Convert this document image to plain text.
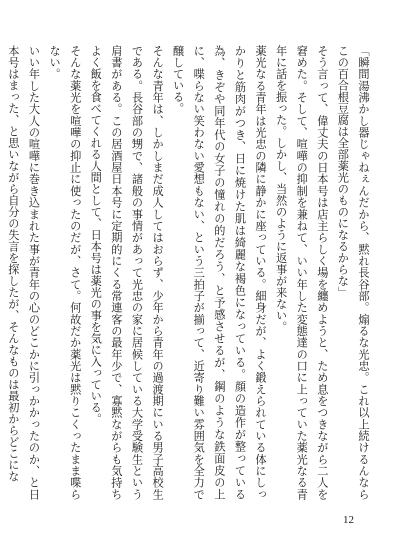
「瞬間湯沸かし器じゃねぇんだから、黙れ長谷部。煽るな光忠。これ以上続けるんならこの百合根豆腐は全部薬光のものになるからな」

そう言って、偉丈夫の日本号は店主らしく場を纏めようと、ため息をつきながら二人を窘めた。そして、喧嘩の抑制を兼ねて、いい年した変態達の口に上っていた薬光なる青年に話を振った。しかし、当然のように返事が来ない。

薬光なる青年は光忠の隣に静かに座っている。細身だが、よく鍛えられている体にしっかりと筋肉がつき、日に焼けた肌は綺麗な褐色になっている。顔の造作が整っている為、きぞや同年代の女子の憧れの的だろう、と予感させるが、鋼のような鉄面皮の上に、喋らない笑わない愛想もない、という三拍子が揃って、近寄り難い雰囲気を全力で醸している。

そんな青年は、しかしまだ成人してはおらず、少年から青年の過渡期にいる男子高校生である。長谷部の甥で、諸般の事情があって光忠の家に居候している大学受験生という肩書がある。この居酒屋日本号に定期的にくる常連客の最年少で、寡黙ながらも気持ちよく飯を食べてくれる人間として、日本号は薬光の事を気に入っている。

そんな薬光を喧嘩の抑止に使ったのだが、さて。何故だか薬光は黙りこくったまま喋らない。

いい年した大人の喧嘩に巻き込まれた事が青年の心のどこかに引っかかったのか、と日本号はまった、と思いながら自分の失言を探したが、そんなものは最初からどこにな

12
